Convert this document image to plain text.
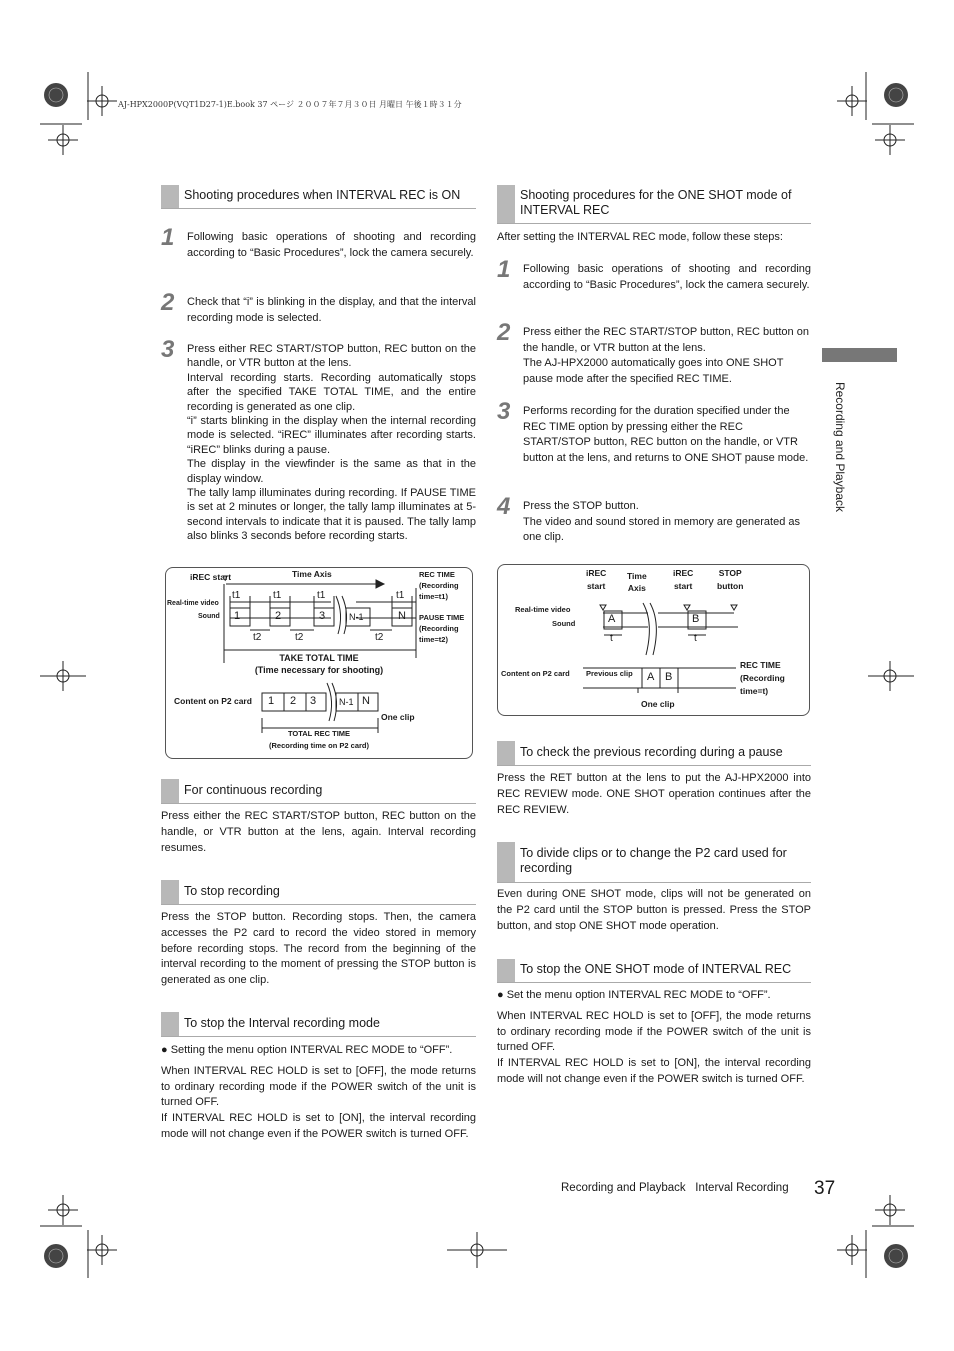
AJ-HPX2000P(VQT1D27-1)E.book 37 ページ ２００７年７月３０日 月曜日 午後１時３１分
Shooting procedures when INTERVAL REC is ON
1 Following basic operations of shooting and recording according to “Basic Procedures”, lock the camera securely.

2 Check that “i” is blinking in the display, and that the interval recording mode is selected.

3 Press either REC START/STOP button, REC button on the handle, or VTR button at the lens.

Interval recording starts. Recording automatically stops after the specified TAKE TOTAL TIME, and the entire recording is generated as one clip.

“i” starts blinking in the display when the internal recording mode is selected. “iREC” illuminates after recording starts. “iREC” blinks during a pause.

The display in the viewfinder is the same as that in the display window.

The tally lamp illuminates during recording. If PAUSE TIME is set at 2 minutes or longer, the tally lamp illuminates at 5-second intervals to indicate that it is paused. The tally lamp also blinks 3 seconds before recording starts.

iREC start	Time Axis	REC TIME
(Recording
time=t1)
PAUSE TIME
(Recording
time=t2)
Real-time video
Sound
t1	t1	t1	t1
1	2	3	N-1	N
t2	t2	t2
TAKE TOTAL TIME
(Time necessary for shooting)
Content on P2 card 1 2 3	N-1 N
One clip
TOTAL REC TIME
(Recording time on P2 card)
For continuous recording
Press either the REC START/STOP button, REC button on the handle, or VTR button at the lens, again. Interval recording resumes.
To stop recording
Press the STOP button. Recording stops. Then, the camera accesses the P2 card to record the video stored in memory before recording stops. The record from the beginning of the interval recording to the moment of pressing the STOP button is generated as one clip.
To stop the Interval recording mode

● Setting the menu option INTERVAL REC MODE to “OFF”.

When INTERVAL REC HOLD is set to [OFF], the mode returns to ordinary recording mode if the POWER switch of the unit is turned OFF.

If INTERVAL REC HOLD is set to [ON], the interval recording mode will not change even if the POWER switch is turned OFF.

Shooting procedures for the ONE SHOT mode of INTERVAL REC
After setting the INTERVAL REC mode, follow these steps:
1 Following basic operations of shooting and recording according to “Basic Procedures”, lock the camera securely.

2 Press either the REC START/STOP button, REC button on the handle, or VTR button at the lens.

The AJ-HPX2000 automatically goes into ONE SHOT pause mode after the specified REC TIME.

3 Performs recording for the duration specified under the REC TIME option by pressing either the REC START/STOP button, REC button on the handle, or VTR button at the lens, and returns to ONE SHOT pause mode.

4 Press the STOP button.

The video and sound stored in memory are generated as one clip.

iREC
start
Time
Axis
iREC
start
STOP
button
Real-time video
Sound	A	B
t	t
Content on P2 card Previous clip A B
REC TIME
(Recording
time=t)
One clip
To check the previous recording during a pause
Press the RET button at the lens to put the AJ-HPX2000 into REC REVIEW mode. ONE SHOT operation continues after the REC REVIEW.
To divide clips or to change the P2 card used for recording
Even during ONE SHOT mode, clips will not be generated on the P2 card until the STOP button is pressed. Press the STOP button, and stop ONE SHOT mode operation.
To stop the ONE SHOT mode of INTERVAL REC

● Set the menu option INTERVAL REC MODE to “OFF”.

When INTERVAL REC HOLD is set to [OFF], the mode returns to ordinary recording mode if the POWER switch of the unit is turned OFF.

If INTERVAL REC HOLD is set to [ON], the interval recording mode will not change even if the POWER switch is turned OFF.

Recording and Playback
Recording and Playback Interval Recording 37
